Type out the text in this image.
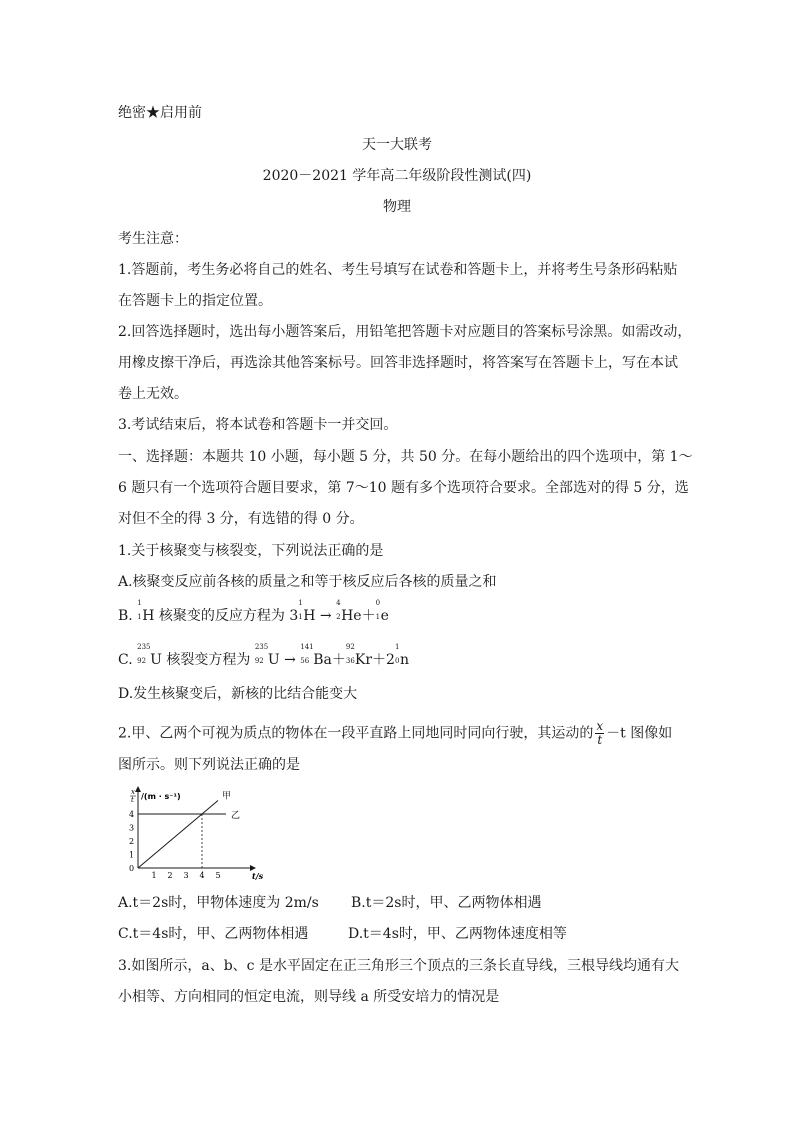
绝密★启用前
天一大联考
2020－2021 学年高二年级阶段性测试(四)
物理
考生注意：
1.答题前，考生务必将自己的姓名、考生号填写在试卷和答题卡上，并将考生号条形码粘贴
在答题卡上的指定位置。
2.回答选择题时，选出每小题答案后，用铅笔把答题卡对应题目的答案标号涂黑。如需改动，
用橡皮擦干净后，再选涂其他答案标号。回答非选择题时，将答案写在答题卡上，写在本试
卷上无效。
3.考试结束后，将本试卷和答题卡一并交回。
一、选择题：本题共 10 小题，每小题 5 分，共 50 分。在每小题给出的四个选项中，第 1～
6 题只有一个选项符合题目要求，第 7～10 题有多个选项符合要求。全部选对的得 5 分，选
对但不全的得 3 分，有选错的得 0 分。
1.关于核聚变与核裂变，下列说法正确的是
A.核聚变反应前各核的质量之和等于核反应后各核的质量之和
B.
1
1 H 核聚变的反应方程为 3
1
1 H →
4
2 He＋
0
1 e
C.
235
92 U 核裂变方程为
235
92 U →
141
56 Ba＋
92
36 Kr＋2
1
0 n
D.发生核聚变后，新核的比结合能变大
2.甲、乙两个可视为质点的物体在一段平直路上同地同时同向行驶，其运动的 $\frac{x}{t} -t$ 图像如
图所示。则下列说法正确的是
x
t /(m · s⁻¹)
t/s
1 2 3 4 5
0
1
2
3
4
甲
乙
A.t＝2s时，甲物体速度为 2m/s B.t＝2s时，甲、乙两物体相遇
C.t＝4s时，甲、乙两物体相遇	D.t＝4s时，甲、乙两物体速度相等
3.如图所示，a、b、c 是水平固定在正三角形三个顶点的三条长直导线，三根导线均通有大
小相等、方向相同的恒定电流，则导线 a 所受安培力的情况是
